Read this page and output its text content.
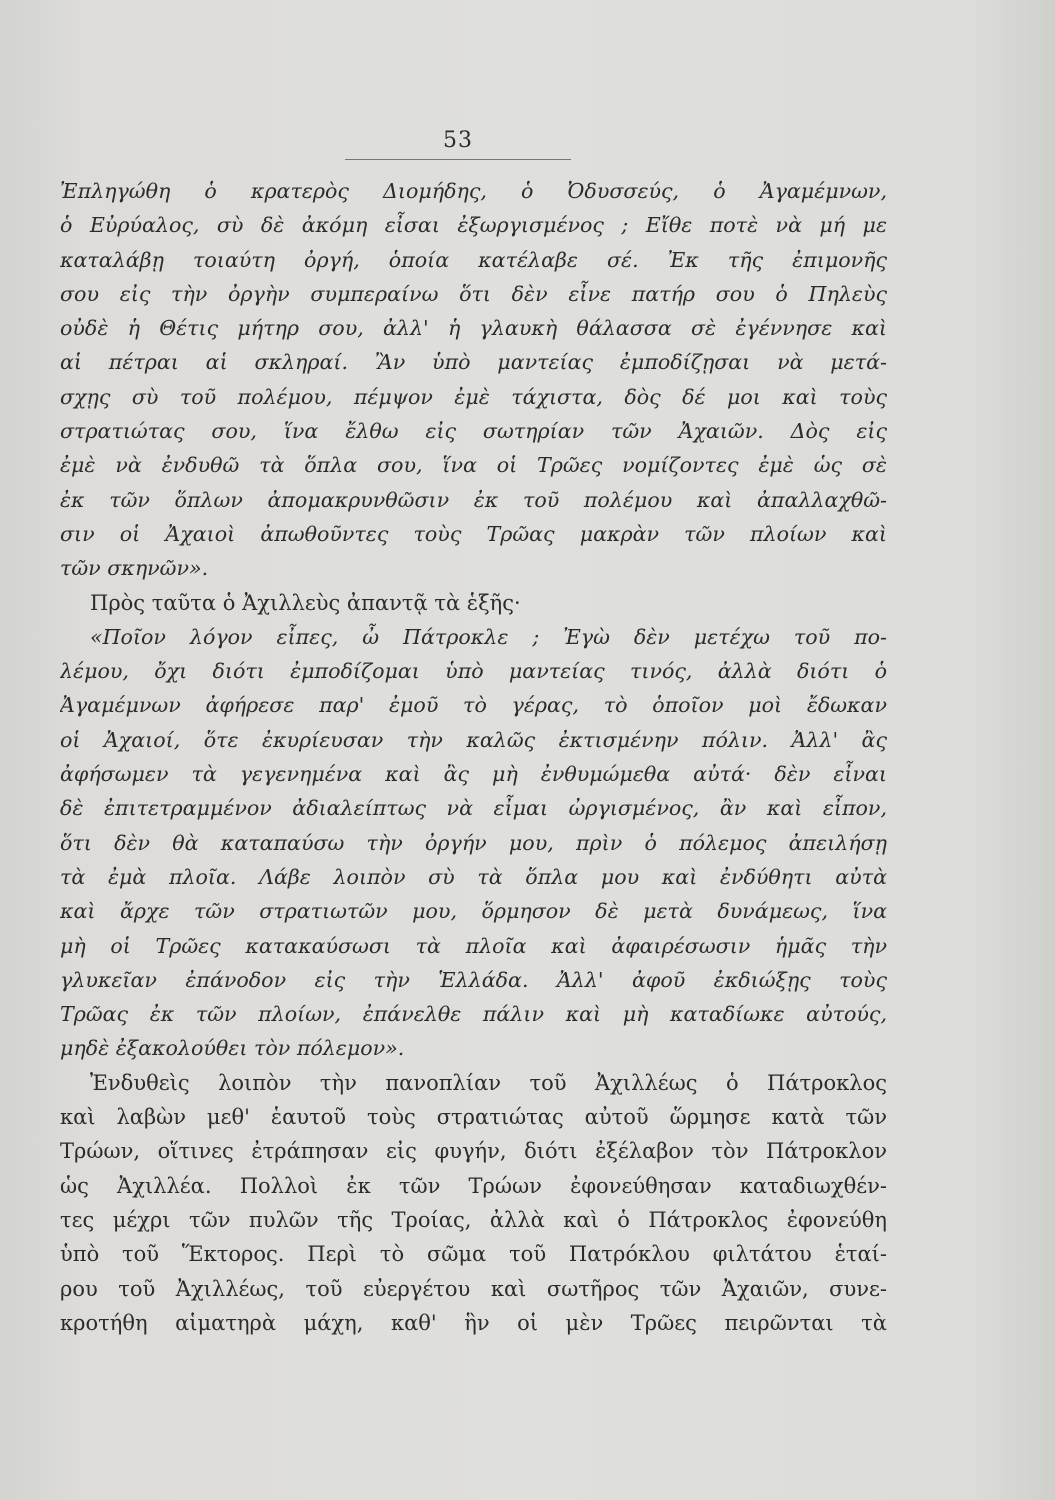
53
Ἐπληγώθη ὁ κρατερὸς Διομήδης, ὁ Ὀδυσσεύς, ὁ Ἀγαμέμνων,
ὁ Εὐρύαλος, σὺ δὲ ἀκόμη εἶσαι ἐξωργισμένος ; Εἴθε ποτὲ νὰ μή με
καταλάβῃ τοιαύτη ὀργή, ὁποία κατέλαβε σέ. Ἐκ τῆς ἐπιμονῆς
σου εἰς τὴν ὀργὴν συμπεραίνω ὅτι δὲν εἶνε πατήρ σου ὁ Πηλεὺς
οὐδὲ ἡ Θέτις μήτηρ σου, ἀλλ' ἡ γλαυκὴ θάλασσα σὲ ἐγέννησε καὶ
αἱ πέτραι αἱ σκληραί. Ἂν ὑπὸ μαντείας ἐμποδίζῃσαι νὰ μετά-
σχῃς σὺ τοῦ πολέμου, πέμψον ἐμὲ τάχιστα, δὸς δέ μοι καὶ τοὺς
στρατιώτας σου, ἵνα ἔλθω εἰς σωτηρίαν τῶν Ἀχαιῶν. Δὸς εἰς
ἐμὲ νὰ ἐνδυθῶ τὰ ὅπλα σου, ἵνα οἱ Τρῶες νομίζοντες ἐμὲ ὡς σὲ
ἐκ τῶν ὅπλων ἀπομακρυνθῶσιν ἐκ τοῦ πολέμου καὶ ἀπαλλαχθῶ-
σιν οἱ Ἀχαιοὶ ἀπωθοῦντες τοὺς Τρῶας μακρὰν τῶν πλοίων καὶ
τῶν σκηνῶν».
Πρὸς ταῦτα ὁ Ἀχιλλεὺς ἀπαντᾷ τὰ ἑξῆς·
«Ποῖον λόγον εἶπες, ὦ Πάτροκλε ; Ἐγὼ δὲν μετέχω τοῦ πο-
λέμου, ὄχι διότι ἐμποδίζομαι ὑπὸ μαντείας τινός, ἀλλὰ διότι ὁ
Ἀγαμέμνων ἀφήρεσε παρ' ἐμοῦ τὸ γέρας, τὸ ὁποῖον μοὶ ἔδωκαν
οἱ Ἀχαιοί, ὅτε ἐκυρίευσαν τὴν καλῶς ἐκτισμένην πόλιν. Ἀλλ' ἂς
ἀφήσωμεν τὰ γεγενημένα καὶ ἂς μὴ ἐνθυμώμεθα αὐτά· δὲν εἶναι
δὲ ἐπιτετραμμένον ἀδιαλείπτως νὰ εἶμαι ὠργισμένος, ἂν καὶ εἶπον,
ὅτι δὲν θὰ καταπαύσω τὴν ὀργήν μου, πρὶν ὁ πόλεμος ἀπειλήσῃ
τὰ ἐμὰ πλοῖα. Λάβε λοιπὸν σὺ τὰ ὅπλα μου καὶ ἐνδύθητι αὐτὰ
καὶ ἄρχε τῶν στρατιωτῶν μου, ὅρμησον δὲ μετὰ δυνάμεως, ἵνα
μὴ οἱ Τρῶες κατακαύσωσι τὰ πλοῖα καὶ ἀφαιρέσωσιν ἡμᾶς τὴν
γλυκεῖαν ἐπάνοδον εἰς τὴν Ἑλλάδα. Ἀλλ' ἀφοῦ ἐκδιώξῃς τοὺς
Τρῶας ἐκ τῶν πλοίων, ἐπάνελθε πάλιν καὶ μὴ καταδίωκε αὐτούς,
μηδὲ ἐξακολούθει τὸν πόλεμον».
Ἐνδυθεὶς λοιπὸν τὴν πανοπλίαν τοῦ Ἀχιλλέως ὁ Πάτροκλος
καὶ λαβὼν μεθ' ἑαυτοῦ τοὺς στρατιώτας αὐτοῦ ὥρμησε κατὰ τῶν
Τρώων, οἵτινες ἐτράπησαν εἰς φυγήν, διότι ἐξέλαβον τὸν Πάτροκλον
ὡς Ἀχιλλέα. Πολλοὶ ἐκ τῶν Τρώων ἐφονεύθησαν καταδιωχθέν-
τες μέχρι τῶν πυλῶν τῆς Τροίας, ἀλλὰ καὶ ὁ Πάτροκλος ἐφονεύθη
ὑπὸ τοῦ Ἕκτορος. Περὶ τὸ σῶμα τοῦ Πατρόκλου φιλτάτου ἑταί-
ρου τοῦ Ἀχιλλέως, τοῦ εὐεργέτου καὶ σωτῆρος τῶν Ἀχαιῶν, συνε-
κροτήθη αἱματηρὰ μάχη, καθ' ἣν οἱ μὲν Τρῶες πειρῶνται τὰ
